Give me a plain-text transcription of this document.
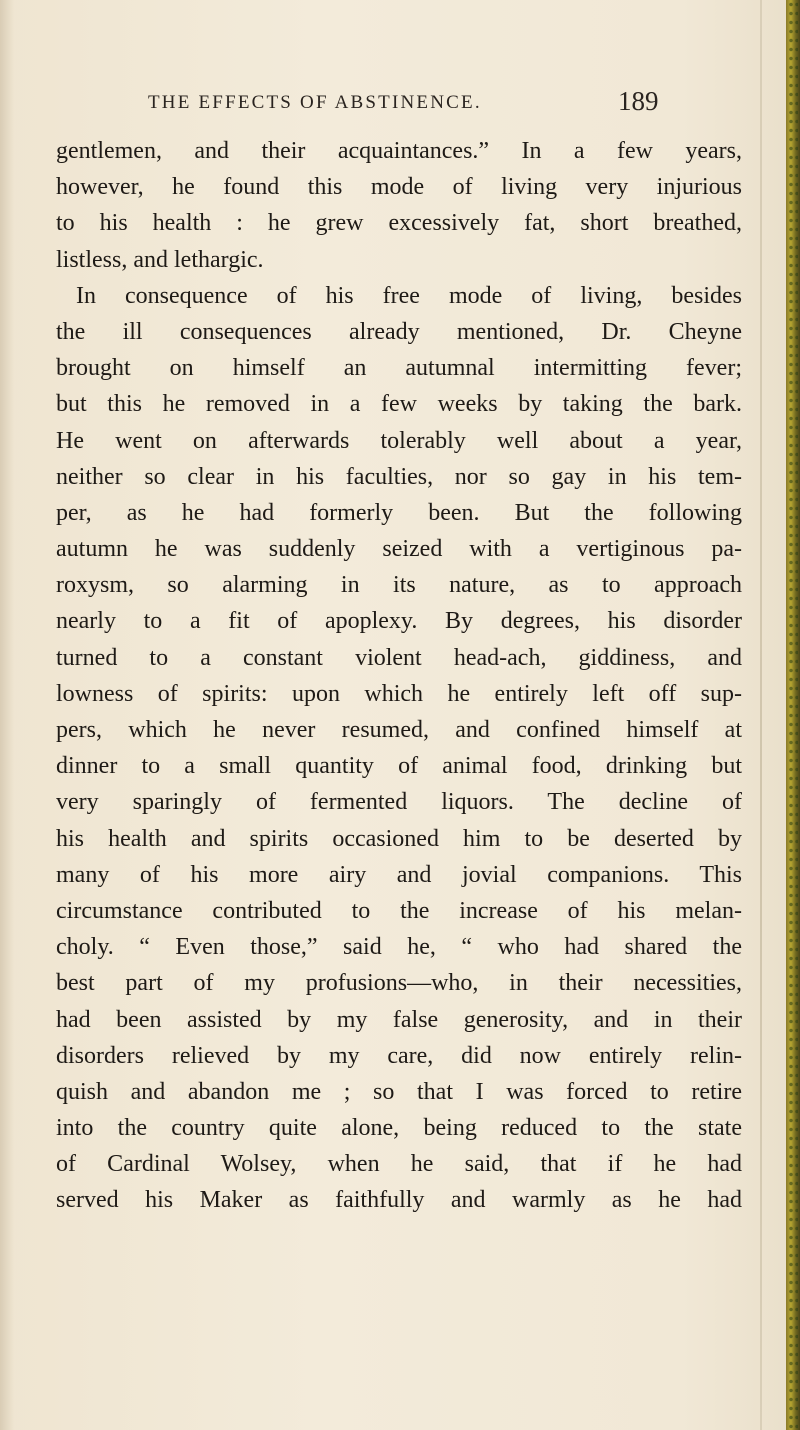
THE EFFECTS OF ABSTINENCE.	189
gentlemen, and their acquaintances.” In a few years,
however, he found this mode of living very injurious
to his health : he grew excessively fat, short breathed,
listless, and lethargic.
In consequence of his free mode of living, besides
the ill consequences already mentioned, Dr. Cheyne
brought on himself an autumnal intermitting fever;
but this he removed in a few weeks by taking the bark.
He went on afterwards tolerably well about a year,
neither so clear in his faculties, nor so gay in his tem-
per, as he had formerly been. But the following
autumn he was suddenly seized with a vertiginous pa-
roxysm, so alarming in its nature, as to approach
nearly to a fit of apoplexy. By degrees, his disorder
turned to a constant violent head-ach, giddiness, and
lowness of spirits: upon which he entirely left off sup-
pers, which he never resumed, and confined himself at
dinner to a small quantity of animal food, drinking but
very sparingly of fermented liquors. The decline of
his health and spirits occasioned him to be deserted by
many of his more airy and jovial companions. This
circumstance contributed to the increase of his melan-
choly. “ Even those,” said he, “ who had shared the
best part of my profusions—who, in their necessities,
had been assisted by my false generosity, and in their
disorders relieved by my care, did now entirely relin-
quish and abandon me ; so that I was forced to retire
into the country quite alone, being reduced to the state
of Cardinal Wolsey, when he said, that if he had
served his Maker as faithfully and warmly as he had
